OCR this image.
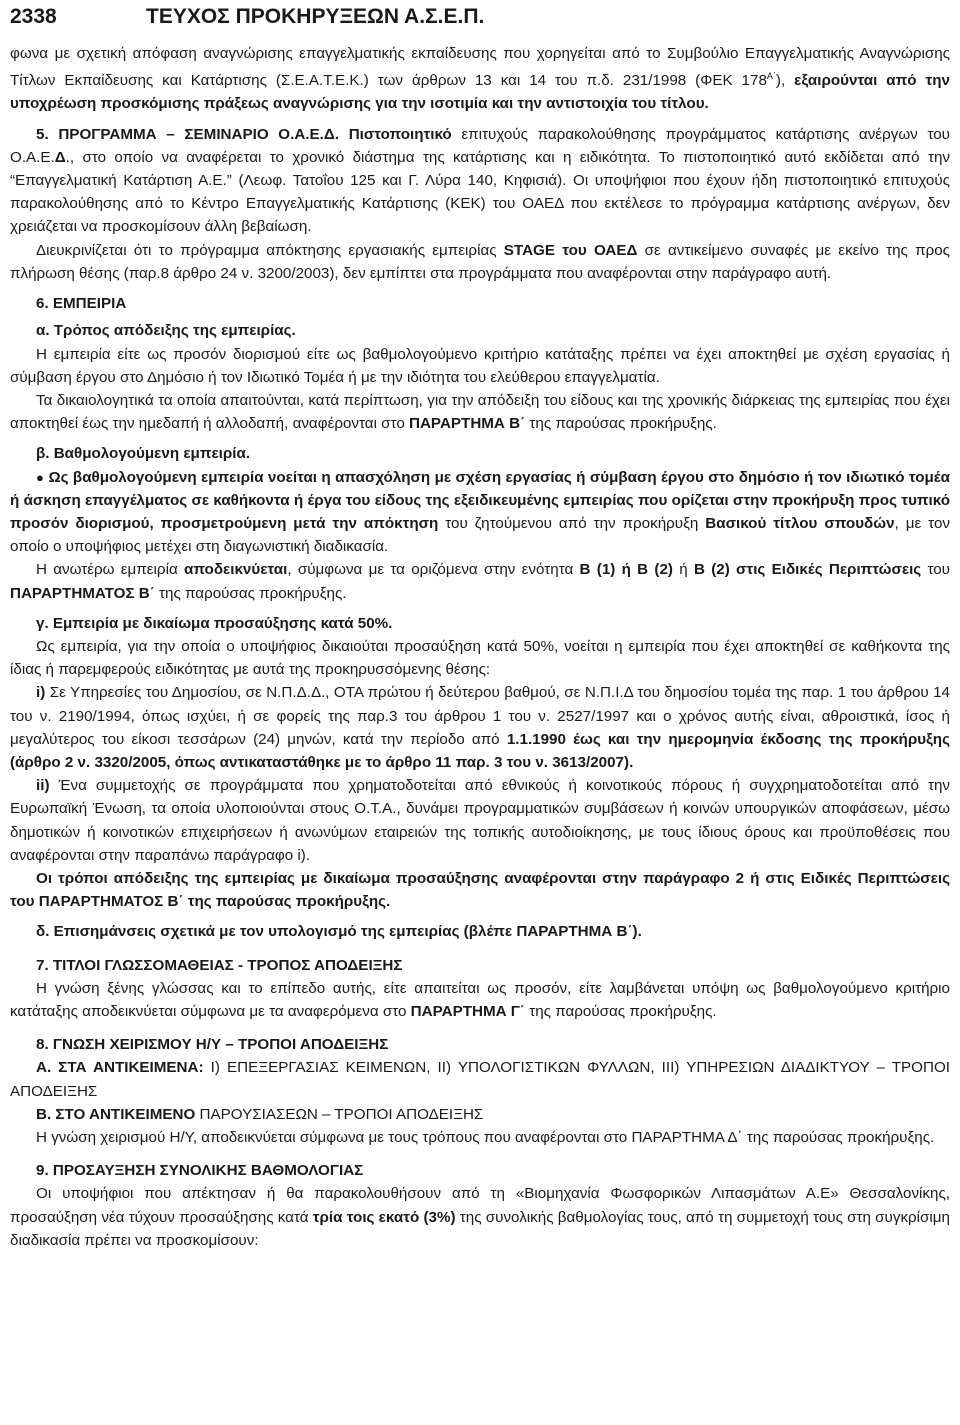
2338	ΤΕΥΧΟΣ ΠΡΟΚΗΡΥΞΕΩΝ Α.Σ.Ε.Π.

φωνα με σχετική απόφαση αναγνώρισης επαγγελματικής εκπαίδευσης που χορηγείται από το Συμβούλιο Επαγγελματικής Αναγνώρισης Τίτλων Εκπαίδευσης και Κατάρτισης (Σ.Ε.Α.Τ.Ε.Κ.) των άρθρων 13 και 14 του π.δ. 231/1998 (ΦΕΚ $178^{A΄}$), εξαιρούνται από την υποχρέωση προσκόμισης πράξεως αναγνώρισης για την ισοτιμία και την αντιστοιχία του τίτλου.

5. ΠΡΟΓΡΑΜΜΑ – ΣΕΜΙΝΑΡΙΟ Ο.Α.Ε.Δ. Πιστοποιητικό επιτυχούς παρακολούθησης προγράμματος κατάρτισης ανέργων του Ο.Α.Ε.Δ., στο οποίο να αναφέρεται το χρονικό διάστημα της κατάρτισης και η ειδικότητα. Το πιστοποιητικό αυτό εκδίδεται από την “Επαγγελματική Κατάρτιση Α.Ε.” (Λεωφ. Τατοΐου 125 και Γ. Λύρα 140, Κηφισιά). Οι υποψήφιοι που έχουν ήδη πιστοποιητικό επιτυχούς παρακολούθησης από το Κέντρο Επαγγελματικής Κατάρτισης (ΚΕΚ) του ΟΑΕΔ που εκτέλεσε το πρόγραμμα κατάρτισης ανέργων, δεν χρειάζεται να προσκομίσουν άλλη βεβαίωση.

Διευκρινίζεται ότι το πρόγραμμα απόκτησης εργασιακής εμπειρίας STAGE του ΟΑΕΔ σε αντικείμενο συναφές με εκείνο της προς πλήρωση θέσης (παρ.8 άρθρο 24 ν. 3200/2003), δεν εμπίπτει στα προγράμματα που αναφέρονται στην παράγραφο αυτή.

6. ΕΜΠΕΙΡΙΑ

α. Τρόπος απόδειξης της εμπειρίας.

Η εμπειρία είτε ως προσόν διορισμού είτε ως βαθμολογούμενο κριτήριο κατάταξης πρέπει να έχει αποκτηθεί με σχέση εργασίας ή σύμβαση έργου στο Δημόσιο ή τον Ιδιωτικό Τομέα ή με την ιδιότητα του ελεύθερου επαγγελματία.

Τα δικαιολογητικά τα οποία απαιτούνται, κατά περίπτωση, για την απόδειξη του είδους και της χρονικής διάρκειας της εμπειρίας που έχει αποκτηθεί έως την ημεδαπή ή αλλοδαπή, αναφέρονται στο ΠΑΡΑΡΤΗΜΑ Β΄ της παρούσας προκήρυξης.

β. Βαθμολογούμενη εμπειρία.

● Ως βαθμολογούμενη εμπειρία νοείται η απασχόληση με σχέση εργασίας ή σύμβαση έργου στο δημόσιο ή τον ιδιωτικό τομέα ή άσκηση επαγγέλματος σε καθήκοντα ή έργα του είδους της εξειδικευμένης εμπειρίας που ορίζεται στην προκήρυξη προς τυπικό προσόν διορισμού, προσμετρούμενη μετά την απόκτηση του ζητούμενου από την προκήρυξη Βασικού τίτλου σπουδών, με τον οποίο ο υποψήφιος μετέχει στη διαγωνιστική διαδικασία.

Η ανωτέρω εμπειρία αποδεικνύεται, σύμφωνα με τα οριζόμενα στην ενότητα Β (1) ή Β (2) ή Β (2) στις Ειδικές Περιπτώσεις του ΠΑΡΑΡΤΗΜΑΤΟΣ Β΄ της παρούσας προκήρυξης.

γ. Εμπειρία με δικαίωμα προσαύξησης κατά 50%.

Ως εμπειρία, για την οποία ο υποψήφιος δικαιούται προσαύξηση κατά 50%, νοείται η εμπειρία που έχει αποκτηθεί σε καθήκοντα της ίδιας ή παρεμφερούς ειδικότητας με αυτά της προκηρυσσόμενης θέσης:

i) Σε Υπηρεσίες του Δημοσίου, σε Ν.Π.Δ.Δ., ΟΤΑ πρώτου ή δεύτερου βαθμού, σε Ν.Π.Ι.Δ του δημοσίου τομέα της παρ. 1 του άρθρου 14 του ν. 2190/1994, όπως ισχύει, ή σε φορείς της παρ.3 του άρθρου 1 του ν. 2527/1997 και ο χρόνος αυτής είναι, αθροιστικά, ίσος ή μεγαλύτερος του είκοσι τεσσάρων (24) μηνών, κατά την περίοδο από 1.1.1990 έως και την ημερομηνία έκδοσης της προκήρυξης (άρθρο 2 ν. 3320/2005, όπως αντικαταστάθηκε με το άρθρο 11 παρ. 3 του ν. 3613/2007).

ii) Ένα συμμετοχής σε προγράμματα που χρηματοδοτείται από εθνικούς ή κοινοτικούς πόρους ή συγχρηματοδοτείται από την Ευρωπαϊκή Ένωση, τα οποία υλοποιούνται στους Ο.Τ.Α., δυνάμει προγραμματικών συμβάσεων ή κοινών υπουργικών αποφάσεων, μέσω δημοτικών ή κοινοτικών επιχειρήσεων ή ανωνύμων εταιρειών της τοπικής αυτοδιοίκησης, με τους ίδιους όρους και προϋποθέσεις που αναφέρονται στην παραπάνω παράγραφο i).

Οι τρόποι απόδειξης της εμπειρίας με δικαίωμα προσαύξησης αναφέρονται στην παράγραφο 2 ή στις Ειδικές Περιπτώσεις του ΠΑΡΑΡΤΗΜΑΤΟΣ Β΄ της παρούσας προκήρυξης.

δ. Επισημάνσεις σχετικά με τον υπολογισμό της εμπειρίας (βλέπε ΠΑΡΑΡΤΗΜΑ Β΄).

7. ΤΙΤΛΟΙ ΓΛΩΣΣΟΜΑΘΕΙΑΣ - ΤΡΟΠΟΣ ΑΠΟΔΕΙΞΗΣ

Η γνώση ξένης γλώσσας και το επίπεδο αυτής, είτε απαιτείται ως προσόν, είτε λαμβάνεται υπόψη ως βαθμολογούμενο κριτήριο κατάταξης αποδεικνύεται σύμφωνα με τα αναφερόμενα στο ΠΑΡΑΡΤΗΜΑ Γ΄ της παρούσας προκήρυξης.

8. ΓΝΩΣΗ ΧΕΙΡΙΣΜΟΥ Η/Υ – ΤΡΟΠΟΙ ΑΠΟΔΕΙΞΗΣ

Α. ΣΤΑ ΑΝΤΙΚΕΙΜΕΝΑ: Ι) ΕΠΕΞΕΡΓΑΣΙΑΣ ΚΕΙΜΕΝΩΝ, ΙΙ) ΥΠΟΛΟΓΙΣΤΙΚΩΝ ΦΥΛΛΩΝ, ΙΙΙ) ΥΠΗΡΕΣΙΩΝ ΔΙΑΔΙΚΤΥΟΥ – ΤΡΟΠΟΙ ΑΠΟΔΕΙΞΗΣ

Β. ΣΤΟ ΑΝΤΙΚΕΙΜΕΝΟ ΠΑΡΟΥΣΙΑΣΕΩΝ – ΤΡΟΠΟΙ ΑΠΟΔΕΙΞΗΣ

Η γνώση χειρισμού Η/Υ, αποδεικνύεται σύμφωνα με τους τρόπους που αναφέρονται στο ΠΑΡΑΡΤΗΜΑ Δ΄ της παρούσας προκήρυξης.

9. ΠΡΟΣΑΥΞΗΣΗ ΣΥΝΟΛΙΚΗΣ ΒΑΘΜΟΛΟΓΙΑΣ

Οι υποψήφιοι που απέκτησαν ή θα παρακολουθήσουν από τη «Βιομηχανία Φωσφορικών Λιπασμάτων Α.Ε» Θεσσαλονίκης, προσαύξηση νέα τύχουν προσαύξησης κατά τρία τοις εκατό (3%) της συνολικής βαθμολογίας τους, από τη συμμετοχή τους στη συγκρίσιμη διαδικασία πρέπει να προσκομίσουν:
